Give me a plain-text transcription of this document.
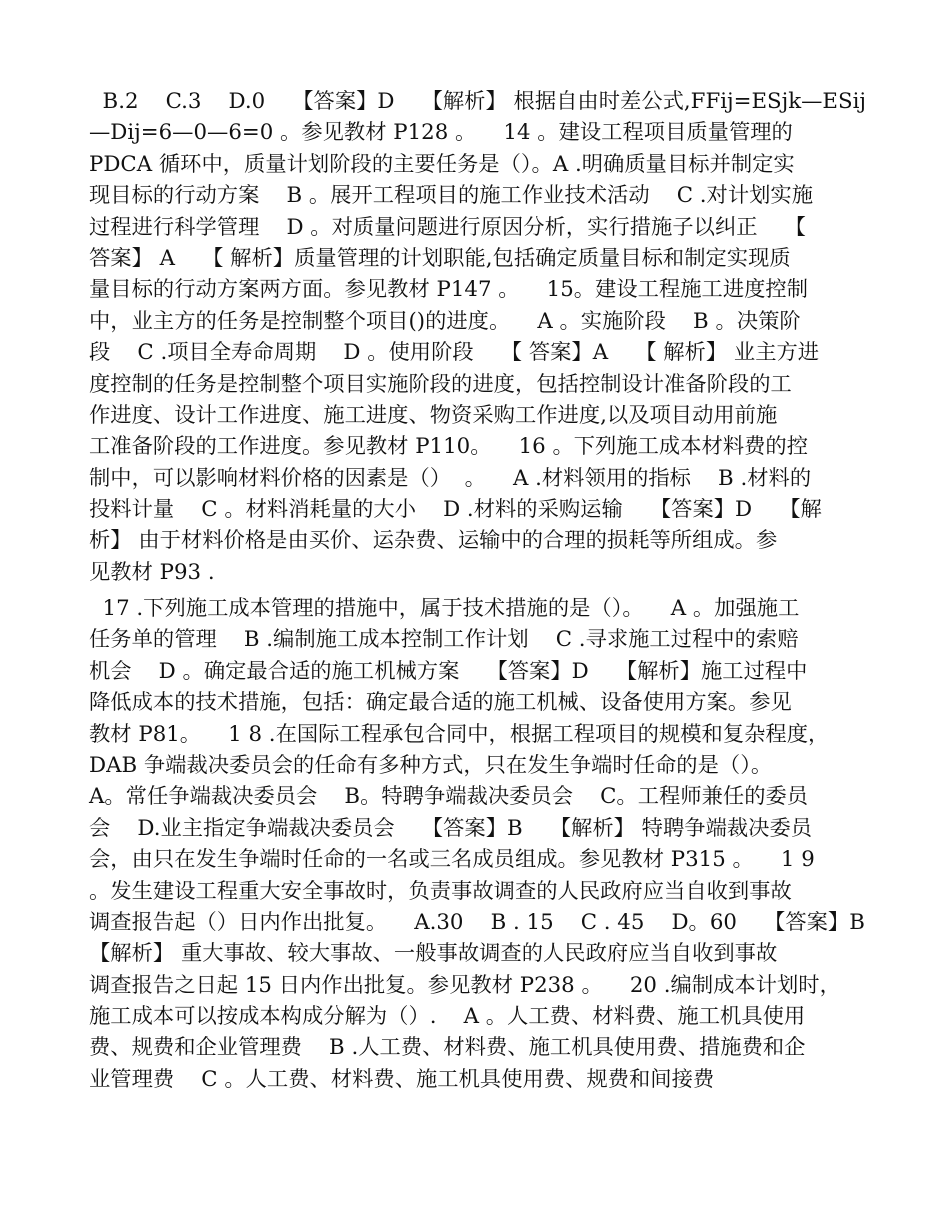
B.2    C.3    D.0    【答案】D    【解析】 根据自由时差公式,FFij=ESjk—ESij
—Dij=6—0—6=0 。参见教材 P128 。    14 。建设工程项目质量管理的
PDCA 循环中，质量计划阶段的主要任务是（）。A .明确质量目标并制定实
现目标的行动方案    B 。展开工程项目的施工作业技术活动    C .对计划实施
过程进行科学管理    D 。对质量问题进行原因分析，实行措施子以纠正    【
答案】 A    【 解析】质量管理的计划职能,包括确定质量目标和制定实现质
量目标的行动方案两方面。参见教材 P147 。    15。建设工程施工进度控制
中，业主方的任务是控制整个项目()的进度。    A 。实施阶段    B 。决策阶
段    C .项目全寿命周期    D 。使用阶段    【 答案】A    【 解析】 业主方进
度控制的任务是控制整个项目实施阶段的进度，包括控制设计准备阶段的工
作进度、设计工作进度、施工进度、物资采购工作进度,以及项目动用前施
工准备阶段的工作进度。参见教材 P110。    16 。下列施工成本材料费的控
制中，可以影响材料价格的因素是（）  。    A .材料领用的指标    B .材料的
投料计量    C 。材料消耗量的大小    D .材料的采购运输    【答案】D    【解
析】 由于材料价格是由买价、运杂费、运输中的合理的损耗等所组成。参
见教材 P93 .
17 .下列施工成本管理的措施中，属于技术措施的是（）。    A 。加强施工
任务单的管理    B .编制施工成本控制工作计划    C .寻求施工过程中的索赔
机会    D 。确定最合适的施工机械方案    【答案】D    【解析】施工过程中
降低成本的技术措施，包括：确定最合适的施工机械、设备使用方案。参见
教材 P81。    1 8 .在国际工程承包合同中，根据工程项目的规模和复杂程度，
DAB 争端裁决委员会的任命有多种方式，只在发生争端时任命的是（）。
A。常任争端裁决委员会    B。特聘争端裁决委员会    C。工程师兼任的委员
会    D.业主指定争端裁决委员会    【答案】B    【解析】 特聘争端裁决委员
会，由只在发生争端时任命的一名或三名成员组成。参见教材 P315 。    1 9
。发生建设工程重大安全事故时，负责事故调查的人民政府应当自收到事故
调查报告起（）日内作出批复。    A.30    B . 15    C . 45    D。60    【答案】B
【解析】 重大事故、较大事故、一般事故调查的人民政府应当自收到事故
调查报告之日起 15 日内作出批复。参见教材 P238 。    20 .编制成本计划时，
施工成本可以按成本构成分解为（）.    A 。人工费、材料费、施工机具使用
费、规费和企业管理费    B .人工费、材料费、施工机具使用费、措施费和企
业管理费    C 。人工费、材料费、施工机具使用费、规费和间接费
